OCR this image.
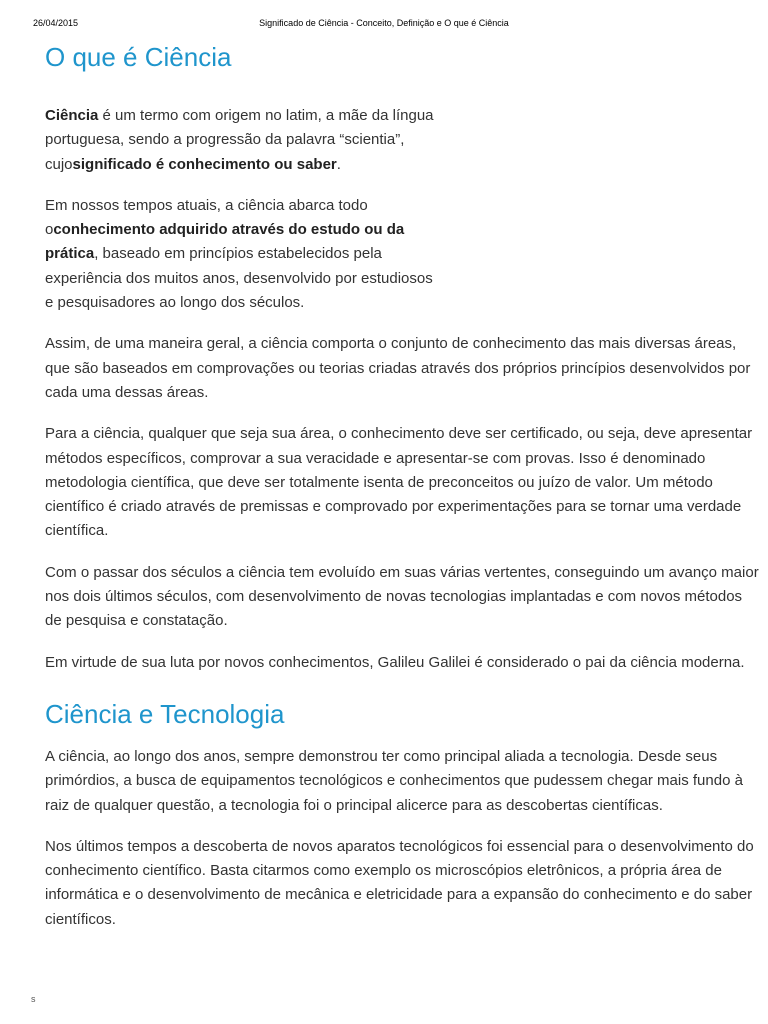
26/04/2015	Significado de Ciência - Conceito, Definição e O que é Ciência
O que é Ciência

Ciência é um termo com origem no latim, a mãe da língua portuguesa, sendo a progressão da palavra “scientia”, cujosignificado é conhecimento ou saber.

Em nossos tempos atuais, a ciência abarca todo oconhecimento adquirido através do estudo ou da prática, baseado em princípios estabelecidos pela experiência dos muitos anos, desenvolvido por estudiosos e pesquisadores ao longo dos séculos.

Assim, de uma maneira geral, a ciência comporta o conjunto de conhecimento das mais diversas áreas, que são baseados em comprovações ou teorias criadas através dos próprios princípios desenvolvidos por cada uma dessas áreas.

Para a ciência, qualquer que seja sua área, o conhecimento deve ser certificado, ou seja, deve apresentar métodos específicos, comprovar a sua veracidade e apresentar-se com provas. Isso é denominado metodologia científica, que deve ser totalmente isenta de preconceitos ou juízo de valor. Um método científico é criado através de premissas e comprovado por experimentações para se tornar uma verdade científica.

Com o passar dos séculos a ciência tem evoluído em suas várias vertentes, conseguindo um avanço maior nos dois últimos séculos, com desenvolvimento de novas tecnologias implantadas e com novos métodos de pesquisa e constatação.

Em virtude de sua luta por novos conhecimentos, Galileu Galilei é considerado o pai da ciência moderna.

Ciência e Tecnologia

A ciência, ao longo dos anos, sempre demonstrou ter como principal aliada a tecnologia. Desde seus primórdios, a busca de equipamentos tecnológicos e conhecimentos que pudessem chegar mais fundo à raiz de qualquer questão, a tecnologia foi o principal alicerce para as descobertas científicas.

Nos últimos tempos a descoberta de novos aparatos tecnológicos foi essencial para o desenvolvimento do conhecimento científico. Basta citarmos como exemplo os microscópios eletrônicos, a própria área de informática e o desenvolvimento de mecânica e eletricidade para a expansão do conhecimento e do saber científicos.

s
